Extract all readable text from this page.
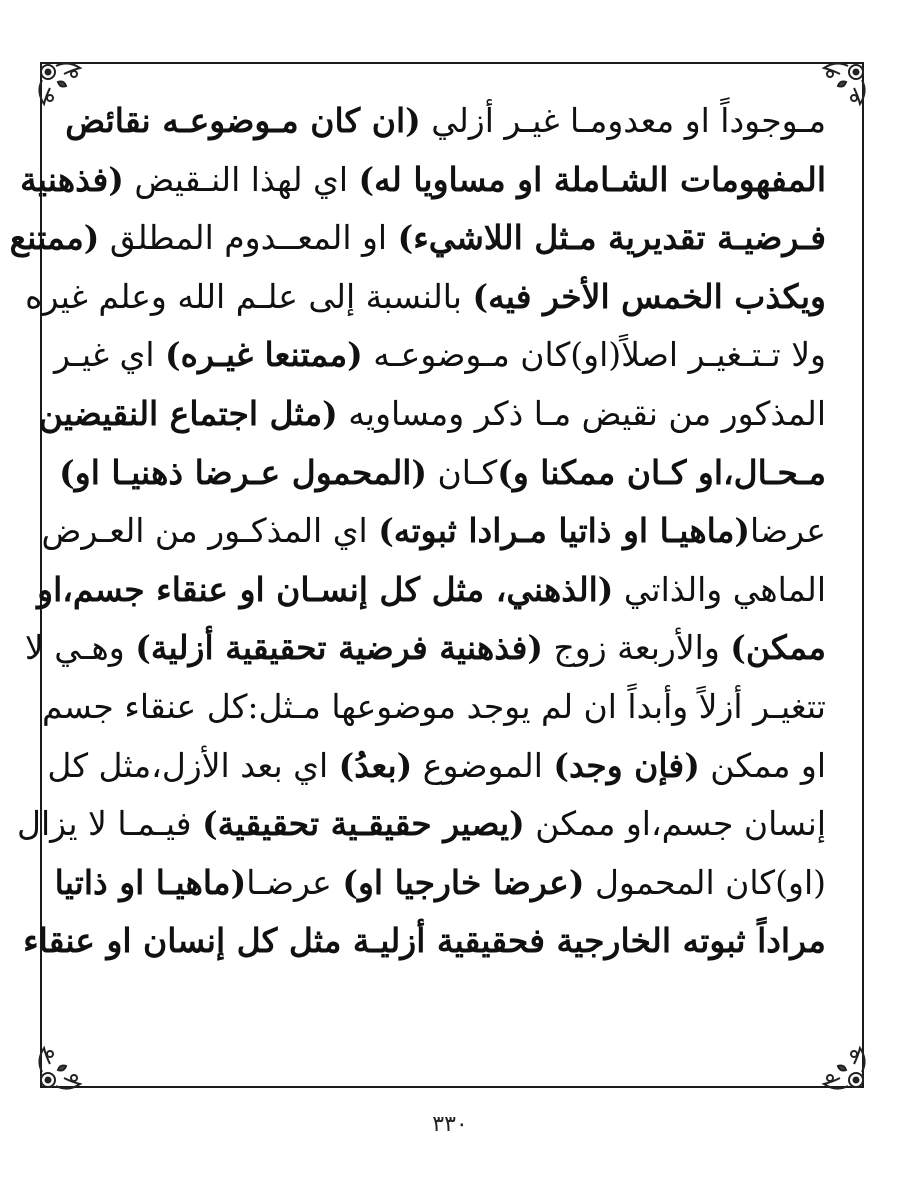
مـوجوداً او معدومـا غيـر أزلي (ان كان مـوضوعـه نقائض
المفهومات الشـاملة او مساويا له) اي لهذا النـقيض (فذهنية
فـرضيـة تقديرية مـثل اللاشيء) او المعــدوم المطلق (ممتنع
ويكذب الخمس الأخر فيه) بالنسبة إلى علـم الله وعلم غيره
ولا تـتـغيـر اصلاً(او)كان مـوضوعـه (ممتنعا غيـره) اي غيـر
المذكور من نقيض مـا ذكر ومساويه (مثل اجتماع النقيضين
مـحـال،او كـان ممكنا و)كـان (المحمول عـرضا ذهنيـا او)
عرضا(ماهيـا او ذاتيا مـرادا ثبوته) اي المذكـور من العـرض
الماهي والذاتي (الذهني، مثل كل إنسـان او عنقاء جسم،او
ممكن) والأربعة زوج (فذهنية فرضية تحقيقية أزلية) وهـي لا
تتغيـر أزلاً وأبداً ان لم يوجد موضوعها مـثل:كل عنقاء جسم
او ممكن (فإن وجد) الموضوع (بعدُ) اي بعد الأزل،مثل كل
إنسان جسم،او ممكن (يصير حقيقـية تحقيقية) فيـمـا لا يزال
(او)كان المحمول (عرضا خارجيا او) عرضـا(ماهيـا او ذاتيا
مراداً ثبوته الخارجية فحقيقية أزليـة مثل كل إنسان او عنقاء
٣٣٠
